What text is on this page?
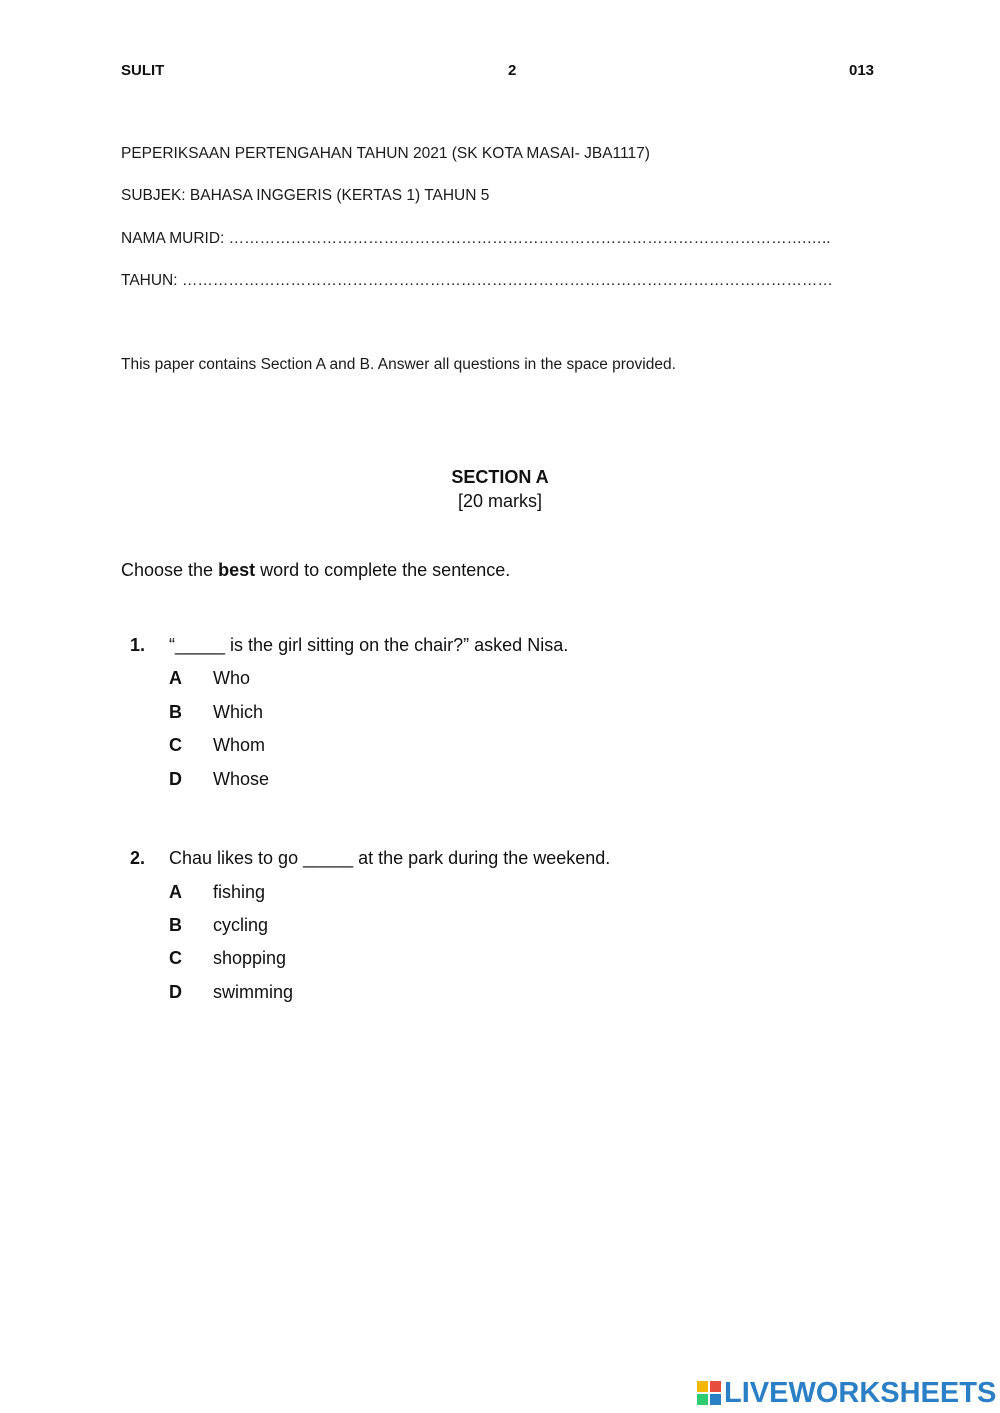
SULIT	2	013
PEPERIKSAAN PERTENGAHAN TAHUN 2021 (SK KOTA MASAI- JBA1117)
SUBJEK: BAHASA INGGERIS (KERTAS 1) TAHUN 5
NAMA MURID: ………………………………………………………………………………………………….…..
TAHUN: ………………………………………………………………………………………………………………
This paper contains Section A and B. Answer all questions in the space provided.
SECTION A
[20 marks]
Choose the best word to complete the sentence.
1. “_____ is the girl sitting on the chair?” asked Nisa.
A Who
B Which
C Whom
D Whose
2. Chau likes to go _____ at the park during the weekend.
A fishing
B cycling
C shopping
D swimming
LIVEWORKSHEETS
